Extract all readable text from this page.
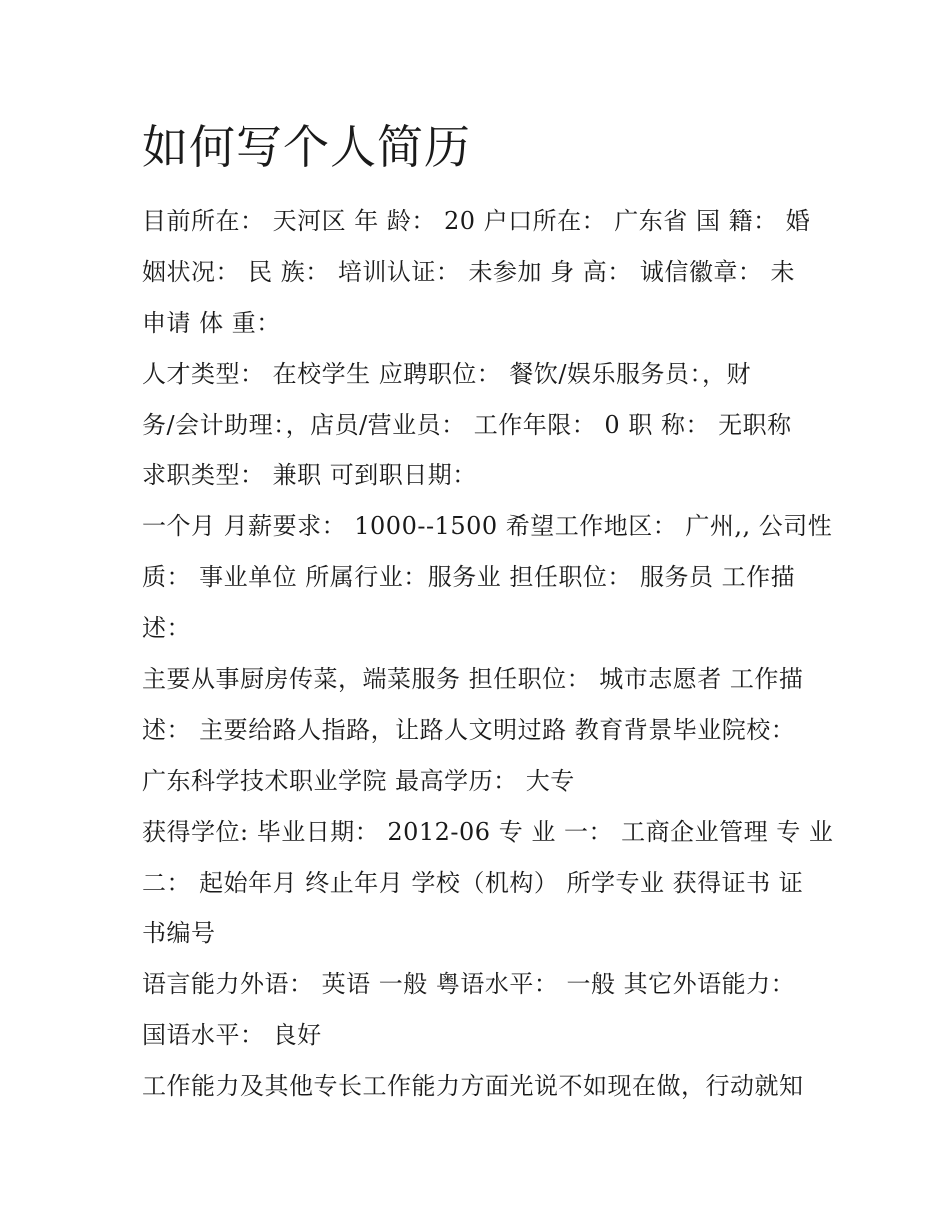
如何写个人简历
目前所在： 天河区 年 龄： 20 户口所在： 广东省 国 籍： 婚
姻状况： 民 族： 培训认证： 未参加 身 高： 诚信徽章： 未
申请 体 重：
人才类型： 在校学生 应聘职位： 餐饮/娱乐服务员：，财
务/会计助理：，店员/营业员： 工作年限： 0 职 称： 无职称
求职类型： 兼职 可到职日期：
一个月 月薪要求： 1000--1500 希望工作地区： 广州,, 公司性
质： 事业单位 所属行业：服务业 担任职位： 服务员 工作描
述：
主要从事厨房传菜，端菜服务 担任职位： 城市志愿者 工作描
述： 主要给路人指路，让路人文明过路 教育背景毕业院校：
广东科学技术职业学院 最高学历： 大专
获得学位: 毕业日期： 2012-06 专 业 一： 工商企业管理 专 业
二： 起始年月 终止年月 学校（机构） 所学专业 获得证书 证
书编号
语言能力外语： 英语 一般 粤语水平： 一般 其它外语能力：
国语水平： 良好
工作能力及其他专长工作能力方面光说不如现在做，行动就知
